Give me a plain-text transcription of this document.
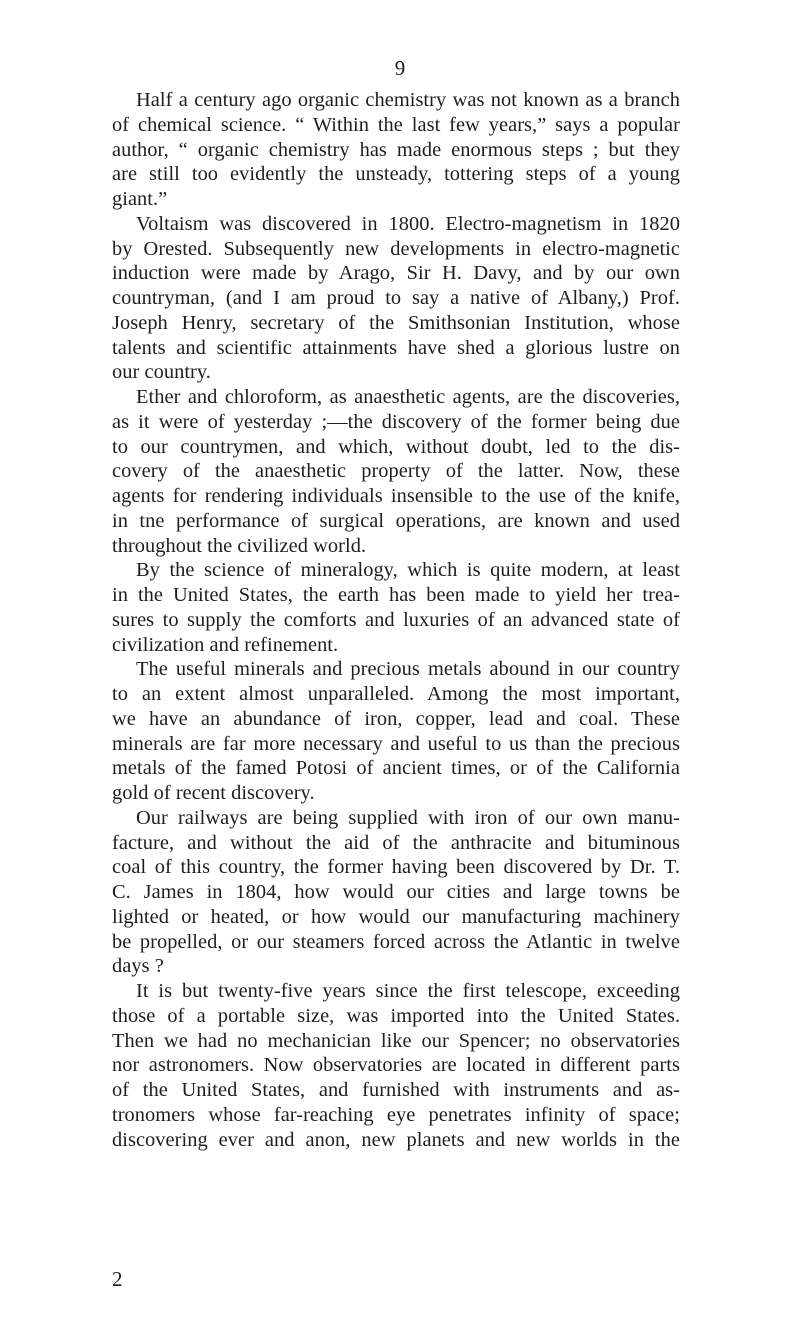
9
Half a century ago organic chemistry was not known as a branch
of chemical science. “ Within the last few years,” says a popular
author, “ organic chemistry has made enormous steps ; but they
are still too evidently the unsteady, tottering steps of a young
giant.”
Voltaism was discovered in 1800. Electro-magnetism in 1820
by Orested. Subsequently new developments in electro-magnetic
induction were made by Arago, Sir H. Davy, and by our own
countryman, (and I am proud to say a native of Albany,) Prof.
Joseph Henry, secretary of the Smithsonian Institution, whose
talents and scientific attainments have shed a glorious lustre on
our country.
Ether and chloroform, as anaesthetic agents, are the discoveries,
as it were of yesterday ;—the discovery of the former being due
to our countrymen, and which, without doubt, led to the dis-
covery of the anaesthetic property of the latter. Now, these
agents for rendering individuals insensible to the use of the knife,
in tne performance of surgical operations, are known and used
throughout the civilized world.
By the science of mineralogy, which is quite modern, at least
in the United States, the earth has been made to yield her trea-
sures to supply the comforts and luxuries of an advanced state of
civilization and refinement.
The useful minerals and precious metals abound in our country
to an extent almost unparalleled. Among the most important,
we have an abundance of iron, copper, lead and coal. These
minerals are far more necessary and useful to us than the precious
metals of the famed Potosi of ancient times, or of the California
gold of recent discovery.
Our railways are being supplied with iron of our own manu-
facture, and without the aid of the anthracite and bituminous
coal of this country, the former having been discovered by Dr. T.
C. James in 1804, how would our cities and large towns be
lighted or heated, or how would our manufacturing machinery
be propelled, or our steamers forced across the Atlantic in twelve
days ?
It is but twenty-five years since the first telescope, exceeding
those of a portable size, was imported into the United States.
Then we had no mechanician like our Spencer; no observatories
nor astronomers. Now observatories are located in different parts
of the United States, and furnished with instruments and as-
tronomers whose far-reaching eye penetrates infinity of space;
discovering ever and anon, new planets and new worlds in the
2
